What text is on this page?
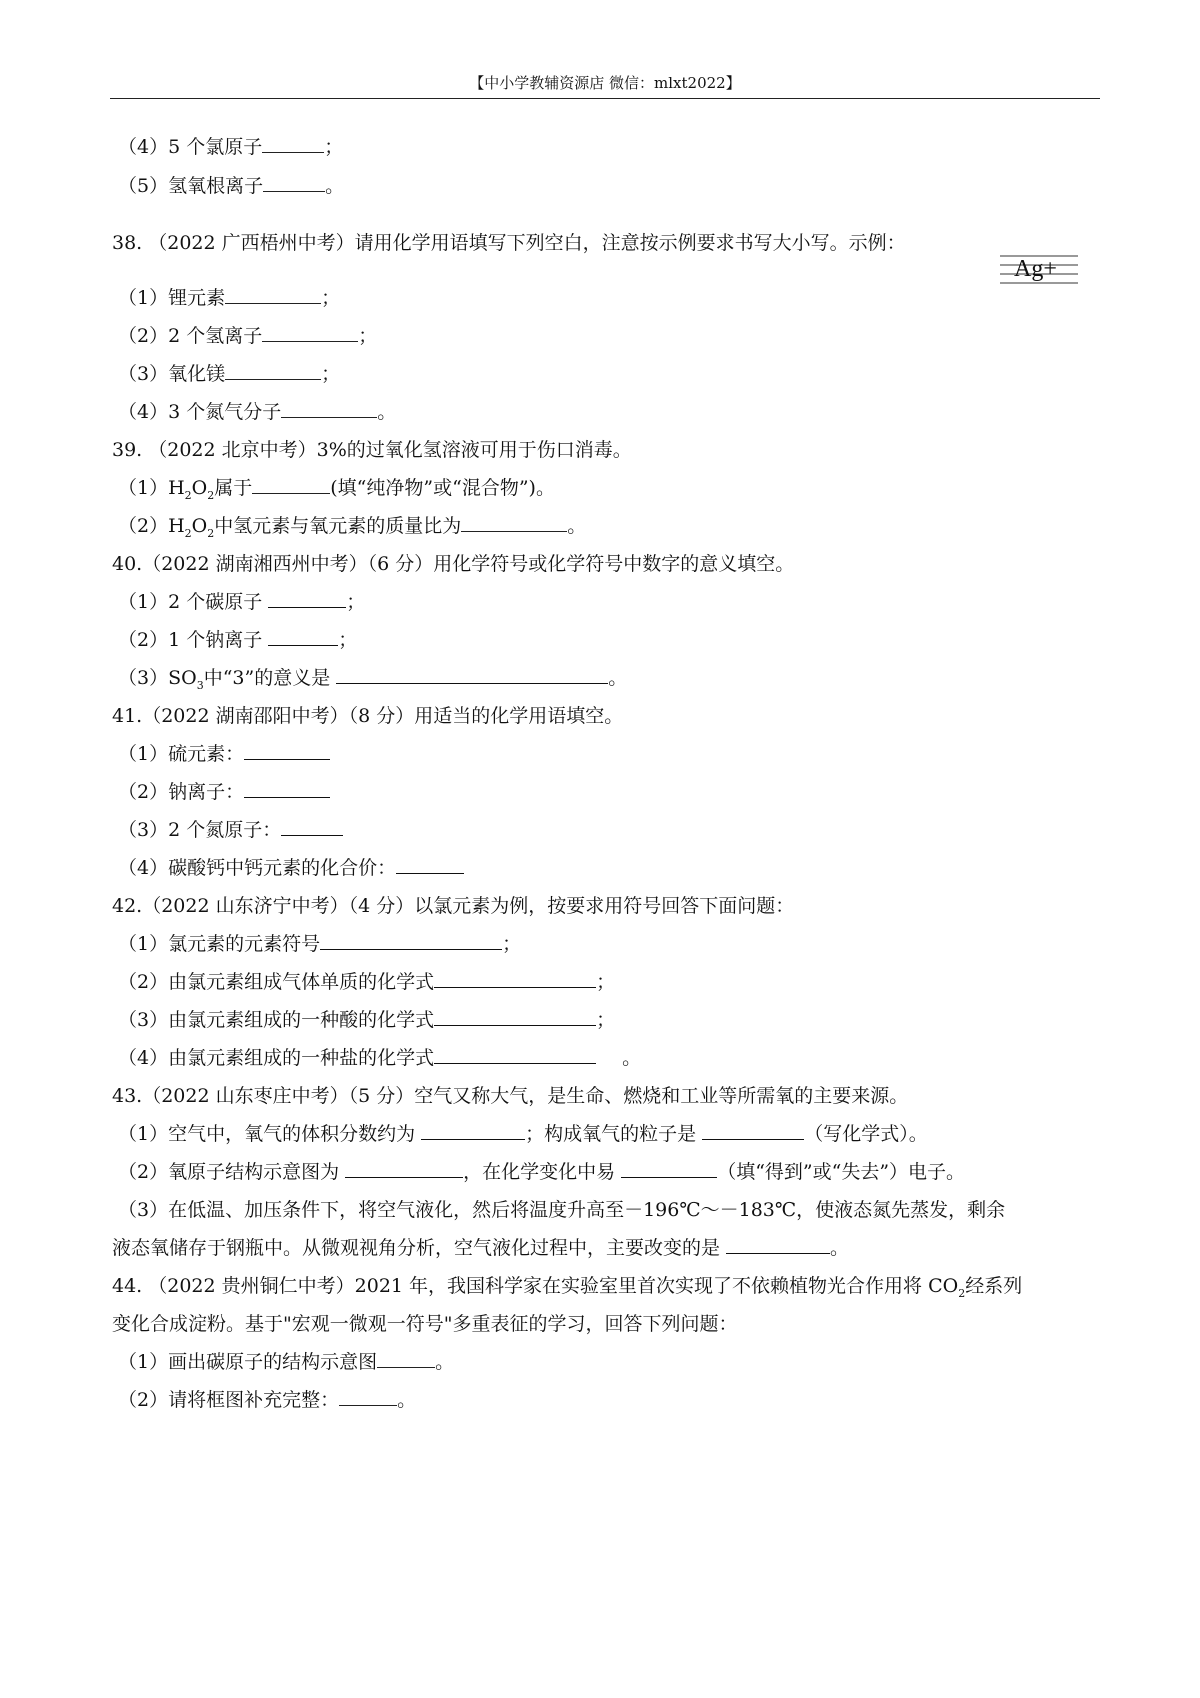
【中小学教辅资源店 微信：mlxt2022】
（4）5 个氯原子	；
（5）氢氧根离子	。
38. （2022 广西梧州中考）请用化学用语填写下列空白，注意按示例要求书写大小写。示例：
Ag+
（1）锂元素	；
（2）2 个氢离子	；
（3）氧化镁	；
（4）3 个氮气分子	。
39. （2022 北京中考）3%的过氧化氢溶液可用于伤口消毒。
$(1)H_2O_2$属于	(填“纯净物”或“混合物”)。
$(2)H_2O_2$中氢元素与氧元素的质量比为	。
40.（2022 湖南湘西州中考）（6 分）用化学符号或化学符号中数字的意义填空。
（1）2 个碳原子	；
（2）1 个钠离子	；
$(3)SO_3$中“3”的意义是	。
41.（2022 湖南邵阳中考）（8 分）用适当的化学用语填空。
（1）硫元素：
（2）钠离子：
（3）2 个氮原子：
（4）碳酸钙中钙元素的化合价：
42.（2022 山东济宁中考）（4 分）以氯元素为例，按要求用符号回答下面问题：
（1）氯元素的元素符号	；
（2）由氯元素组成气体单质的化学式	；
（3）由氯元素组成的一种酸的化学式	；
（4）由氯元素组成的一种盐的化学式	。
43.（2022 山东枣庄中考）（5 分）空气又称大气，是生命、燃烧和工业等所需氧的主要来源。
（1）空气中，氧气的体积分数约为	；构成氧气的粒子是	（写化学式）。
（2）氧原子结构示意图为	，在化学变化中易	（填“得到”或“失去”）电子。
（3）在低温、加压条件下，将空气液化，然后将温度升高至－196℃～－183℃，使液态氮先蒸发，剩余
液态氧储存于钢瓶中。从微观视角分析，空气液化过程中，主要改变的是	。
44. （2022 贵州铜仁中考）2021 年，我国科学家在实验室里首次实现了不依赖植物光合作用将 $CO_2$经系列
变化合成淀粉。基于"宏观一微观一符号"多重表征的学习，回答下列问题：
（1）画出碳原子的结构示意图	。
（2）请将框图补充完整：	。
